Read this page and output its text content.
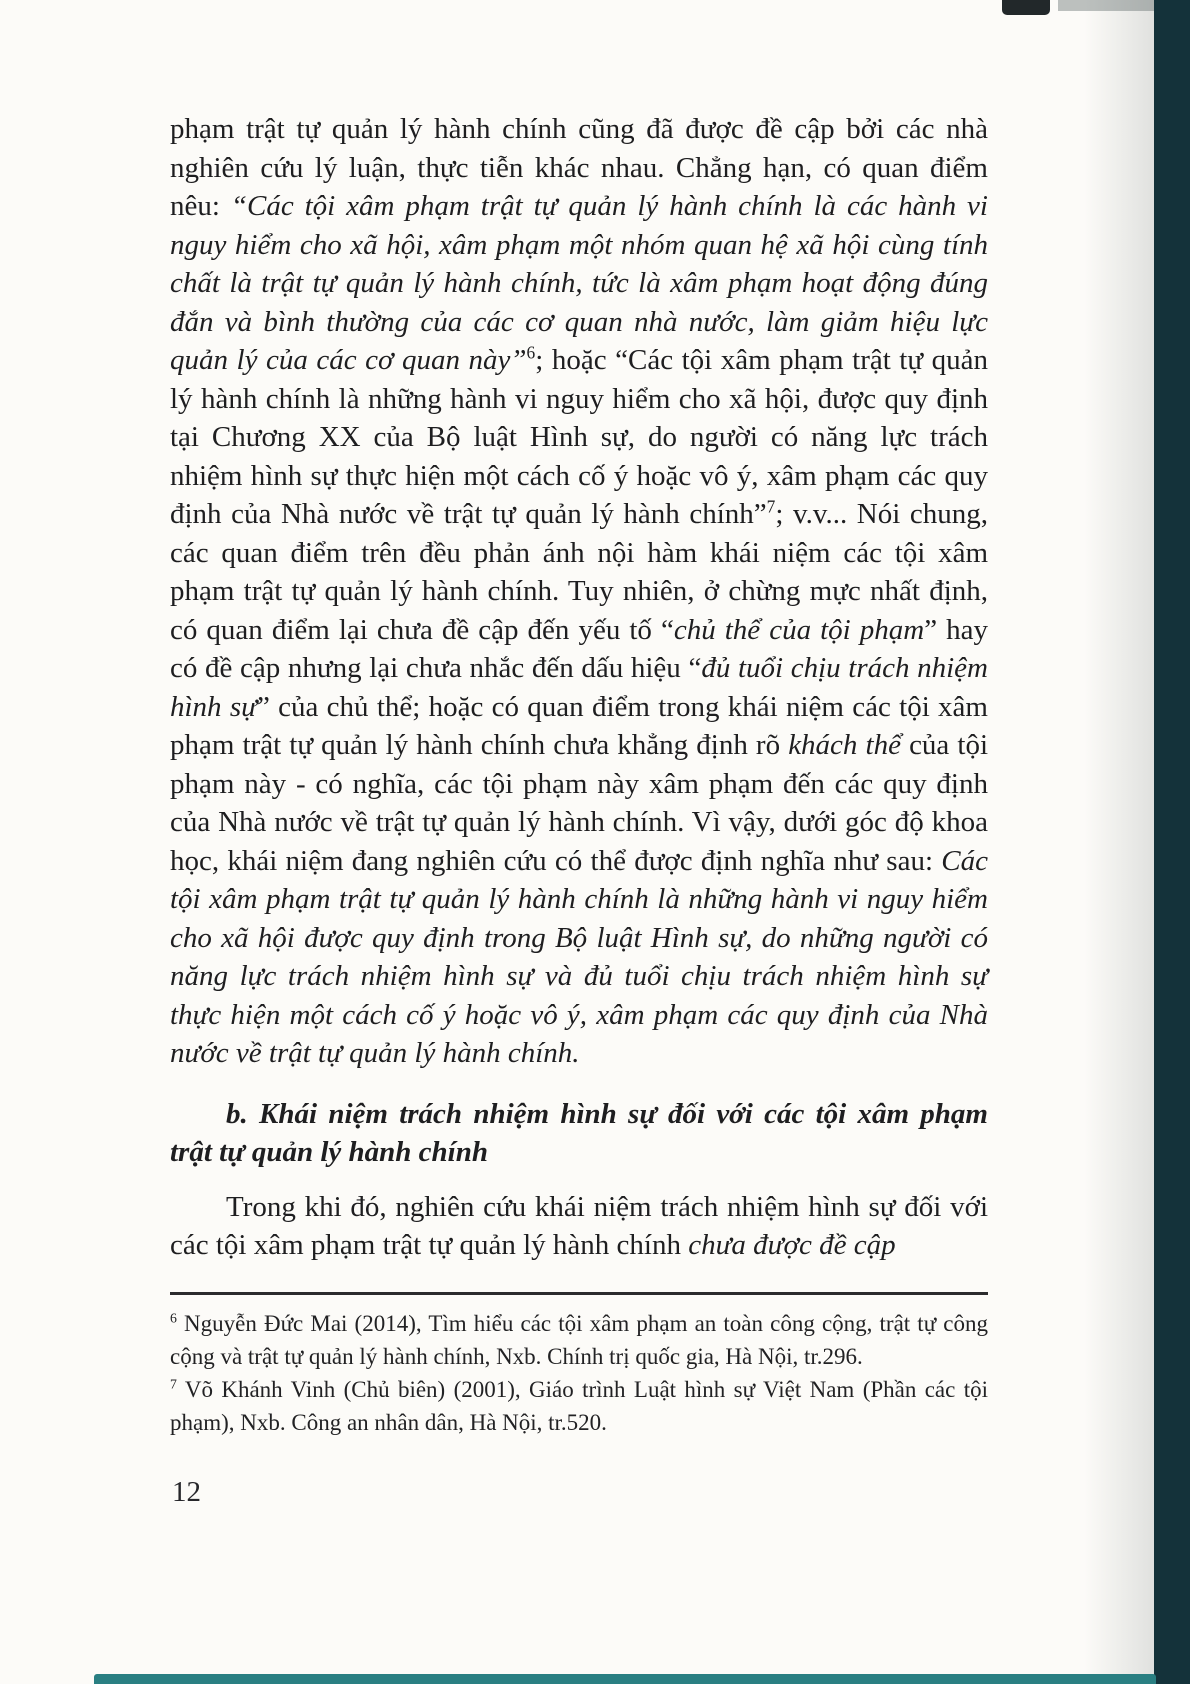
phạm trật tự quản lý hành chính cũng đã được đề cập bởi các nhà nghiên cứu lý luận, thực tiễn khác nhau. Chẳng hạn, có quan điểm nêu: “Các tội xâm phạm trật tự quản lý hành chính là các hành vi nguy hiểm cho xã hội, xâm phạm một nhóm quan hệ xã hội cùng tính chất là trật tự quản lý hành chính, tức là xâm phạm hoạt động đúng đắn và bình thường của các cơ quan nhà nước, làm giảm hiệu lực quản lý của các cơ quan này”$^6$; hoặc “Các tội xâm phạm trật tự quản lý hành chính là những hành vi nguy hiểm cho xã hội, được quy định tại Chương XX của Bộ luật Hình sự, do người có năng lực trách nhiệm hình sự thực hiện một cách cố ý hoặc vô ý, xâm phạm các quy định của Nhà nước về trật tự quản lý hành chính”$^7$; v.v... Nói chung, các quan điểm trên đều phản ánh nội hàm khái niệm các tội xâm phạm trật tự quản lý hành chính. Tuy nhiên, ở chừng mực nhất định, có quan điểm lại chưa đề cập đến yếu tố “chủ thể của tội phạm” hay có đề cập nhưng lại chưa nhắc đến dấu hiệu “đủ tuổi chịu trách nhiệm hình sự” của chủ thể; hoặc có quan điểm trong khái niệm các tội xâm phạm trật tự quản lý hành chính chưa khẳng định rõ khách thể của tội phạm này - có nghĩa, các tội phạm này xâm phạm đến các quy định của Nhà nước về trật tự quản lý hành chính. Vì vậy, dưới góc độ khoa học, khái niệm đang nghiên cứu có thể được định nghĩa như sau: Các tội xâm phạm trật tự quản lý hành chính là những hành vi nguy hiểm cho xã hội được quy định trong Bộ luật Hình sự, do những người có năng lực trách nhiệm hình sự và đủ tuổi chịu trách nhiệm hình sự thực hiện một cách cố ý hoặc vô ý, xâm phạm các quy định của Nhà nước về trật tự quản lý hành chính.

b. Khái niệm trách nhiệm hình sự đối với các tội xâm phạm trật tự quản lý hành chính

Trong khi đó, nghiên cứu khái niệm trách nhiệm hình sự đối với các tội xâm phạm trật tự quản lý hành chính chưa được đề cập

$^6$ Nguyễn Đức Mai (2014), Tìm hiểu các tội xâm phạm an toàn công cộng, trật tự công cộng và trật tự quản lý hành chính, Nxb. Chính trị quốc gia, Hà Nội, tr.296.

$^7$ Võ Khánh Vinh (Chủ biên) (2001), Giáo trình Luật hình sự Việt Nam (Phần các tội phạm), Nxb. Công an nhân dân, Hà Nội, tr.520.

12
